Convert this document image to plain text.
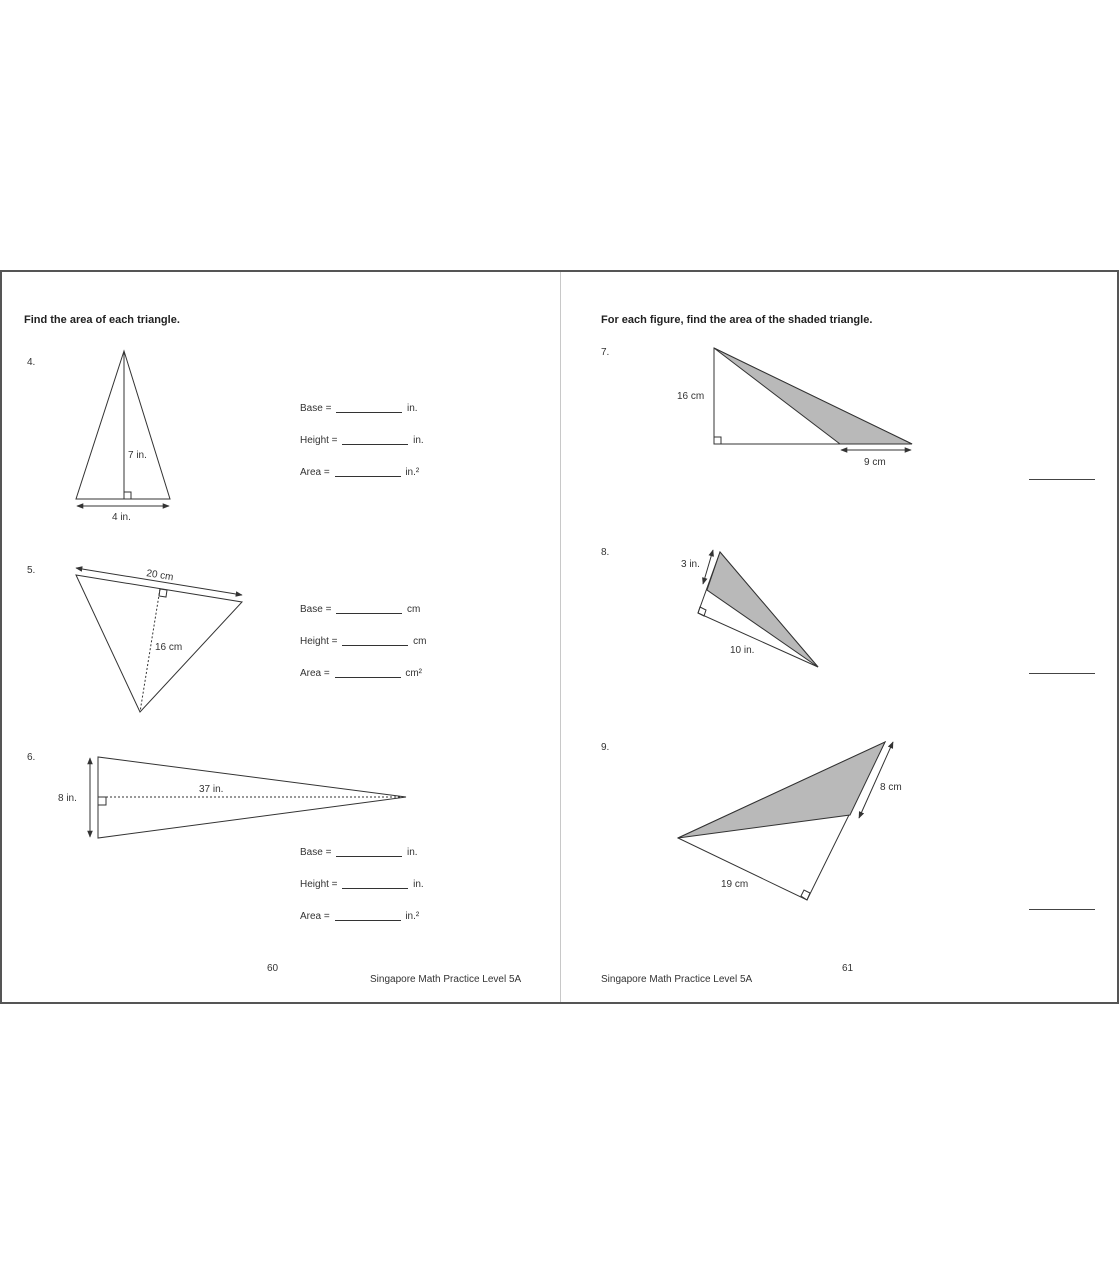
Find the area of each triangle.
4.
5.
6.
Base =	in.
Height =	in.
Area =	in.²
Base =	cm
Height =	cm
Area =	cm²
Base =	in.
Height =	in.
Area =	in.²
60
Singapore Math Practice Level 5A
For each figure, find the area of the shaded triangle.
7.
8.
9.
61
Singapore Math Practice Level 5A
7 in.
4 in.
20 cm
16 cm
8 in.
37 in.
16 cm
9 cm
3 in.
10 in.
8 cm
19 cm
